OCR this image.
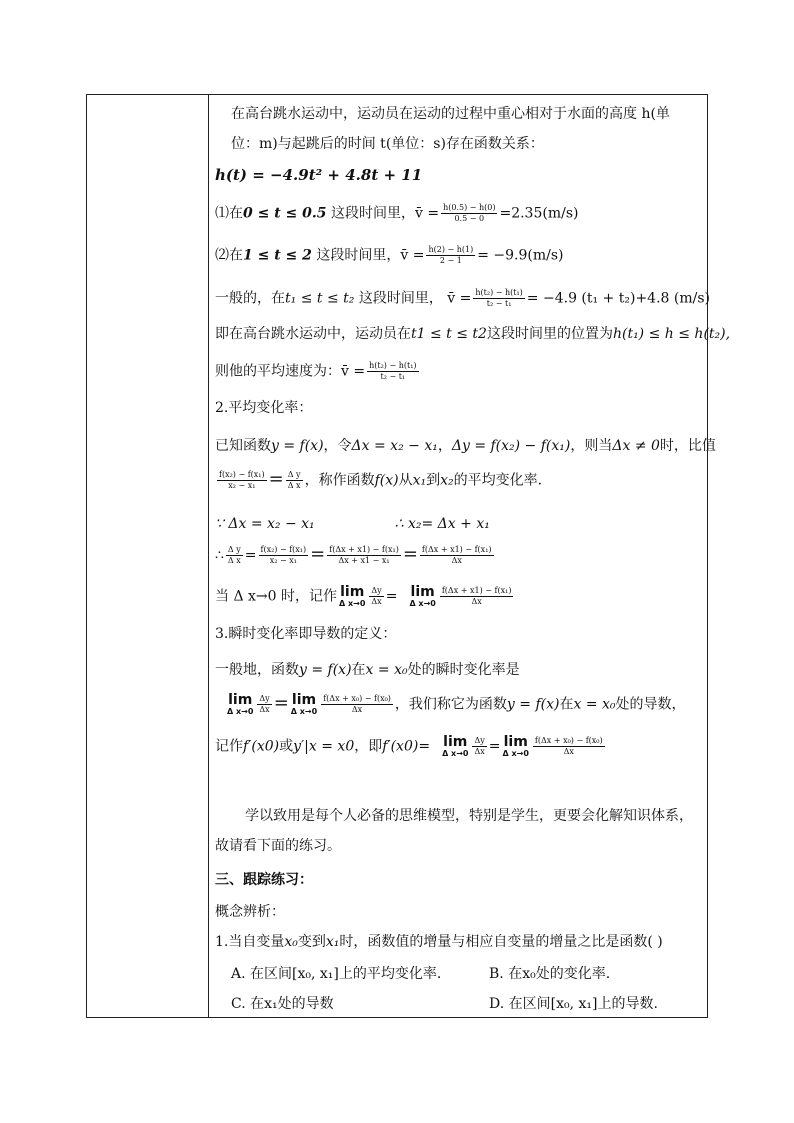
在高台跳水运动中，运动员在运动的过程中重心相对于水面的高度 h(单
位：m)与起跳后的时间 t(单位：s)存在函数关系：
h(t) = −4.9t² + 4.8t + 11
⑴在0 ≤ t ≤ 0.5 这段时间里，v̄ = $\frac{h(0.5) - h(0)}{0.5 - 0} =2.35(m/s)$
⑵在1 ≤ t ≤ 2 这段时间里，v̄ = $\frac{h(2) - h(1)}{2 - 1} = -9.9(m/s)$
一般的，在t₁ ≤ t ≤ t₂ 这段时间里， v̄ = $\frac{\text{h(t₂) − h(t₁)}}{\text{t₂ − t₁}} = -4.9$ (t₁ + t₂)+4.8 (m/s)
即在高台跳水运动中，运动员在t1 ≤ t ≤ t2这段时间里的位置为h(t₁) ≤ h ≤ h(t₂),
则他的平均速度为：v̄ = $\frac{\text{h(t₂) − h(t₁)}}{\text{t₂ − t₁}}$
2.平均变化率：
已知函数y = f(x)，令Δx = x₂ − x₁，Δy = f(x₂) − f(x₁)，则当Δx ≠ 0时，比值
$\frac{\text{f(x₂) − f(x₁)}}{\text{x₂ − x₁}} = \frac{\text{Δ y}}{\text{Δ x}}$ ，称作函数f(x)从x₁到x₂的平均变化率.
∵ Δx = x₂ − x₁	∴ x₂= Δx + x₁
∴ $\frac{\text{Δ y}}{\text{Δ x}} = \frac{\text{f(x₂) − f(x₁)}}{\text{x₂ − x₁}} = \frac{\text{f(Δx + x1) − f(x₁)}}{\text{Δx + x1 − x₁}} = \frac{\text{f(Δx + x1) − f(x₁)}}{\Delta x}$
当 Δ x→0 时，记作 lim
Δ $x\to 0 \frac{\Delta y}{\Delta x} = \lim$
Δ $x\to 0 \frac{\text{f(Δx + x1) − f(x₁)}}{\Delta x}$
3.瞬时变化率即导数的定义：
一般地，函数y = f(x)在x = x₀处的瞬时变化率是
lim
Δ $x\to 0 \frac{\Delta y}{\Delta x} = \lim$
Δ $x\to 0 \frac{\text{f(Δx + x₀) − f(x₀)}}{\Delta x}$ ，我们称它为函数y = f(x)在x = x₀处的导数，
记作f′(x0)或y′|x = x0，即f′(x0)= lim
Δ $x\to 0 \frac{\Delta y}{\Delta x} = \lim$
Δ $x\to 0 \frac{\text{f(Δx + x₀) − f(x₀)}}{\Delta x}$
学以致用是每个人必备的思维模型，特别是学生，更要会化解知识体系，
故请看下面的练习。
三、跟踪练习：
概念辨析：
1.当自变量x₀变到x₁时，函数值的增量与相应自变量的增量之比是函数( )
A. 在区间[x₀, x₁]上的平均变化率.	B. 在x₀处的变化率.
C. 在x₁处的导数	D. 在区间[x₀, x₁]上的导数.
